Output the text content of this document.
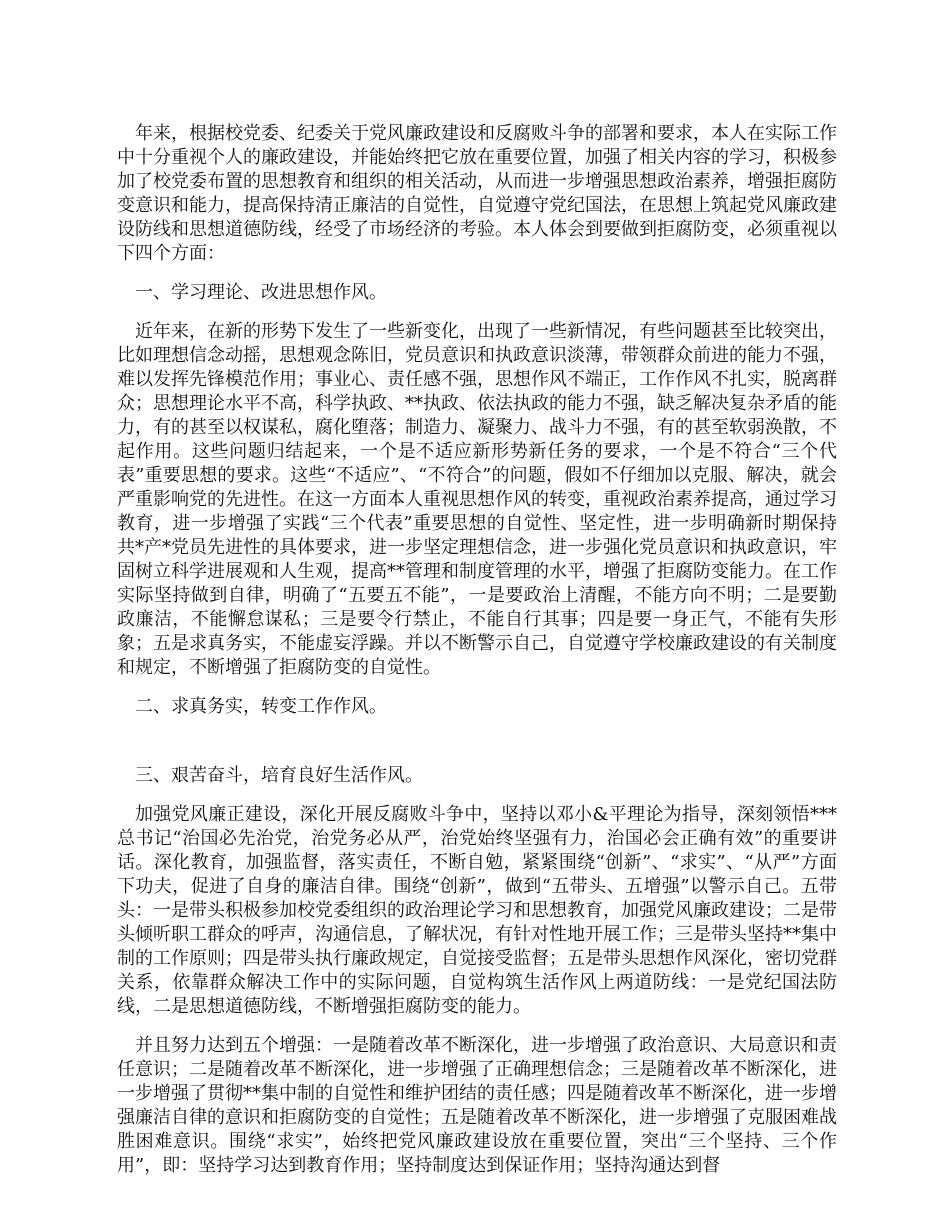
年来，根据校党委、纪委关于党风廉政建设和反腐败斗争的部署和要求，本人在实际工作中十分重视个人的廉政建设，并能始终把它放在重要位置，加强了相关内容的学习，积极参加了校党委布置的思想教育和组织的相关活动，从而进一步增强思想政治素养，增强拒腐防变意识和能力，提高保持清正廉洁的自觉性，自觉遵守党纪国法，在思想上筑起党风廉政建设防线和思想道德防线，经受了市场经济的考验。本人体会到要做到拒腐防变，必须重视以下四个方面：

一、学习理论、改进思想作风。

近年来，在新的形势下发生了一些新变化，出现了一些新情况，有些问题甚至比较突出，比如理想信念动摇，思想观念陈旧，党员意识和执政意识淡薄，带领群众前进的能力不强，难以发挥先锋模范作用；事业心、责任感不强，思想作风不端正，工作作风不扎实，脱离群众；思想理论水平不高，科学执政、**执政、依法执政的能力不强，缺乏解决复杂矛盾的能力，有的甚至以权谋私，腐化堕落；制造力、凝聚力、战斗力不强，有的甚至软弱涣散，不起作用。这些问题归结起来，一个是不适应新形势新任务的要求，一个是不符合“三个代表”重要思想的要求。这些“不适应”、“不符合”的问题，假如不仔细加以克服、解决，就会严重影响党的先进性。在这一方面本人重视思想作风的转变，重视政治素养提高，通过学习教育，进一步增强了实践“三个代表”重要思想的自觉性、坚定性，进一步明确新时期保持共*产*党员先进性的具体要求，进一步坚定理想信念，进一步强化党员意识和执政意识，牢固树立科学进展观和人生观，提高**管理和制度管理的水平，增强了拒腐防变能力。在工作实际坚持做到自律，明确了“五要五不能”，一是要政治上清醒，不能方向不明；二是要勤政廉洁，不能懈怠谋私；三是要令行禁止，不能自行其事；四是要一身正气，不能有失形象；五是求真务实，不能虚妄浮躁。并以不断警示自己，自觉遵守学校廉政建设的有关制度和规定，不断增强了拒腐防变的自觉性。

二、求真务实，转变工作作风。

三、艰苦奋斗，培育良好生活作风。

加强党风廉正建设，深化开展反腐败斗争中，坚持以邓小&平理论为指导，深刻领悟***总书记“治国必先治党，治党务必从严，治党始终坚强有力，治国必会正确有效”的重要讲话。深化教育，加强监督，落实责任，不断自勉，紧紧围绕“创新”、“求实”、“从严”方面下功夫，促进了自身的廉洁自律。围绕“创新”，做到“五带头、五增强”以警示自己。五带头：一是带头积极参加校党委组织的政治理论学习和思想教育，加强党风廉政建设；二是带头倾听职工群众的呼声，沟通信息，了解状况，有针对性地开展工作；三是带头坚持**集中制的工作原则；四是带头执行廉政规定，自觉接受监督；五是带头思想作风深化，密切党群关系，依靠群众解决工作中的实际问题，自觉构筑生活作风上两道防线：一是党纪国法防线，二是思想道德防线，不断增强拒腐防变的能力。

并且努力达到五个增强：一是随着改革不断深化，进一步增强了政治意识、大局意识和责任意识；二是随着改革不断深化，进一步增强了正确理想信念；三是随着改革不断深化，进一步增强了贯彻**集中制的自觉性和维护团结的责任感；四是随着改革不断深化，进一步增强廉洁自律的意识和拒腐防变的自觉性；五是随着改革不断深化，进一步增强了克服困难战胜困难意识。围绕“求实”，始终把党风廉政建设放在重要位置，突出“三个坚持、三个作用”，即：坚持学习达到教育作用；坚持制度达到保证作用；坚持沟通达到督
